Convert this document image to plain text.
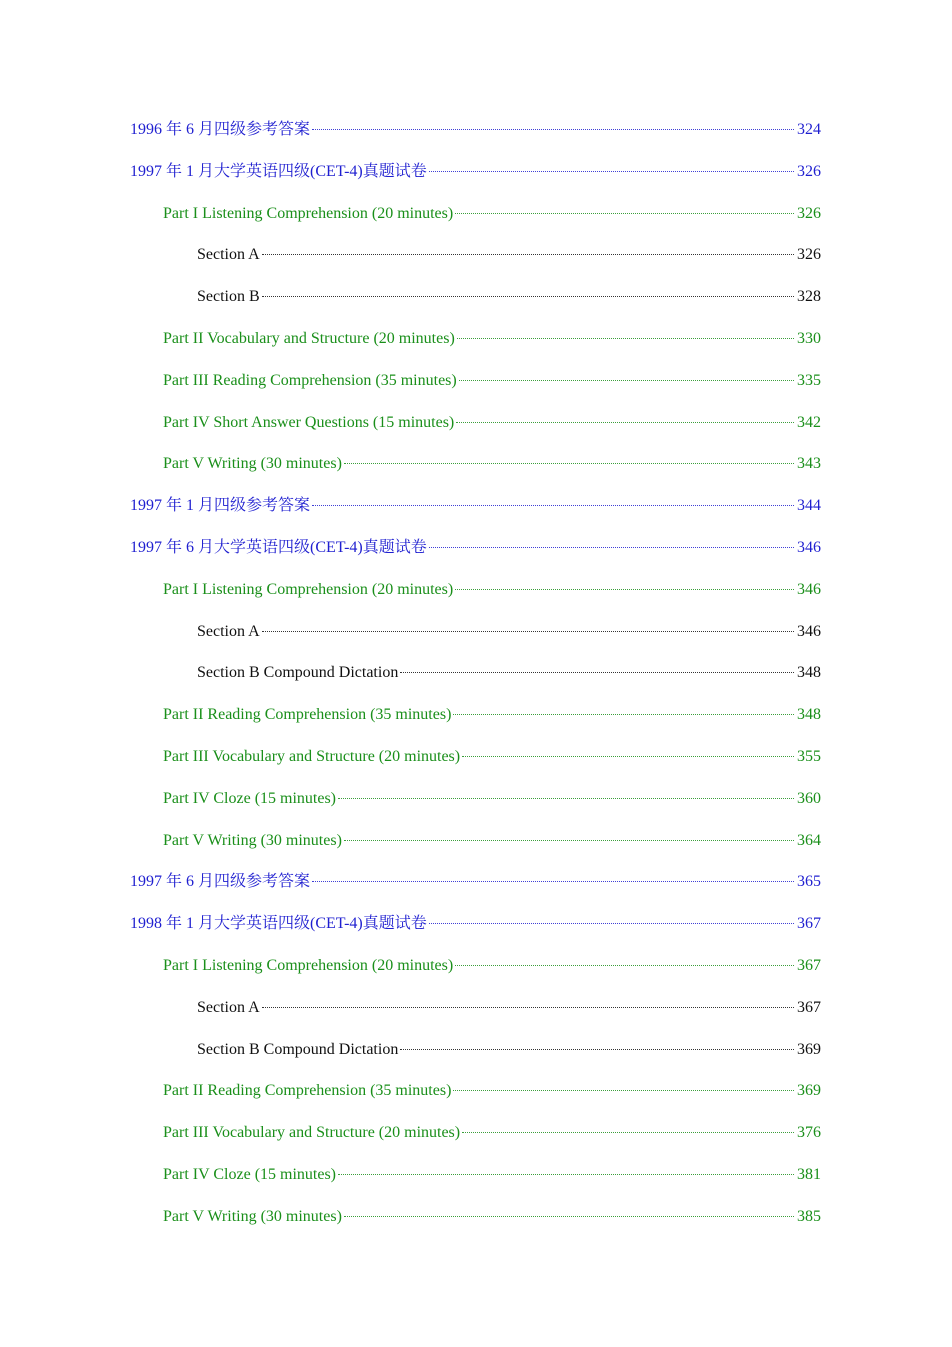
1996 年 6 月四级参考答案	324
1997 年 1 月大学英语四级(CET-4)真题试卷	326
Part I Listening Comprehension (20 minutes)	326
Section A	326
Section B	328
Part II Vocabulary and Structure (20 minutes)	330
Part III Reading Comprehension (35 minutes)	335
Part IV Short Answer Questions (15 minutes)	342
Part V Writing (30 minutes)	343
1997 年 1 月四级参考答案	344
1997 年 6 月大学英语四级(CET-4)真题试卷	346
Part I Listening Comprehension (20 minutes)	346
Section A	346
Section B Compound Dictation	348
Part II Reading Comprehension (35 minutes)	348
Part III Vocabulary and Structure (20 minutes)	355
Part IV Cloze (15 minutes)	360
Part V Writing (30 minutes)	364
1997 年 6 月四级参考答案	365
1998 年 1 月大学英语四级(CET-4)真题试卷	367
Part I Listening Comprehension (20 minutes)	367
Section A	367
Section B Compound Dictation	369
Part II Reading Comprehension (35 minutes)	369
Part III Vocabulary and Structure (20 minutes)	376
Part IV Cloze (15 minutes)	381
Part V Writing (30 minutes)	385
